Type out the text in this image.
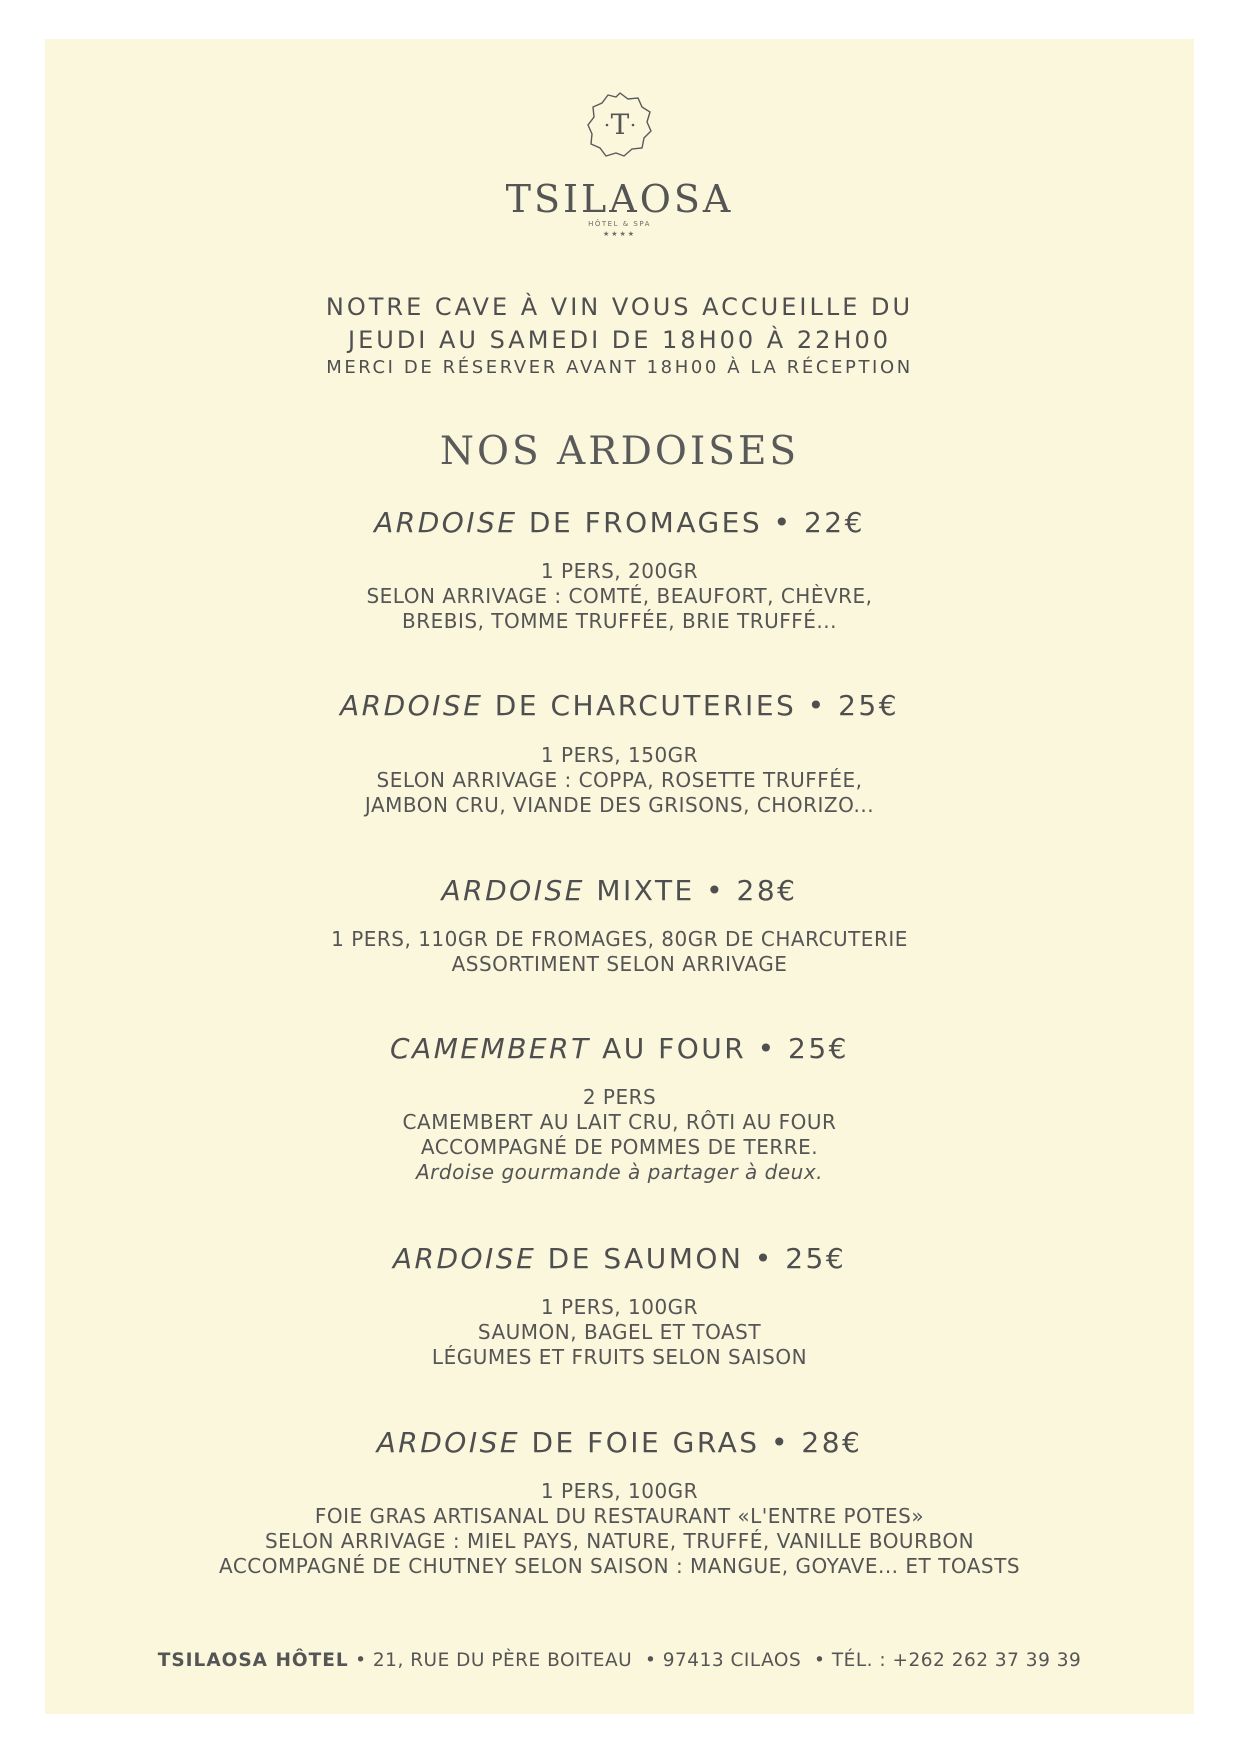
T
TSILAOSA
HÔTEL & SPA
★★★★
NOTRE CAVE À VIN VOUS ACCUEILLE DU
JEUDI AU SAMEDI DE 18H00 À 22H00
MERCI DE RÉSERVER AVANT 18H00 À LA RÉCEPTION
NOS ARDOISES
ARDOISE DE FROMAGES • 22€
1 PERS, 200GR
SELON ARRIVAGE : COMTÉ, BEAUFORT, CHÈVRE,
BREBIS, TOMME TRUFFÉE, BRIE TRUFFÉ...
ARDOISE DE CHARCUTERIES • 25€
1 PERS, 150GR
SELON ARRIVAGE : COPPA, ROSETTE TRUFFÉE,
JAMBON CRU, VIANDE DES GRISONS, CHORIZO...
ARDOISE MIXTE • 28€
1 PERS, 110GR DE FROMAGES, 80GR DE CHARCUTERIE
ASSORTIMENT SELON ARRIVAGE
CAMEMBERT AU FOUR • 25€
2 PERS
CAMEMBERT AU LAIT CRU, RÔTI AU FOUR
ACCOMPAGNÉ DE POMMES DE TERRE.
Ardoise gourmande à partager à deux.
ARDOISE DE SAUMON • 25€
1 PERS, 100GR
SAUMON, BAGEL ET TOAST
LÉGUMES ET FRUITS SELON SAISON
ARDOISE DE FOIE GRAS • 28€
1 PERS, 100GR
FOIE GRAS ARTISANAL DU RESTAURANT «L'ENTRE POTES»
SELON ARRIVAGE : MIEL PAYS, NATURE, TRUFFÉ, VANILLE BOURBON
ACCOMPAGNÉ DE CHUTNEY SELON SAISON : MANGUE, GOYAVE... ET TOASTS
TSILAOSA HÔTEL • 21, RUE DU PÈRE BOITEAU • 97413 CILAOS • TÉL. : +262 262 37 39 39
